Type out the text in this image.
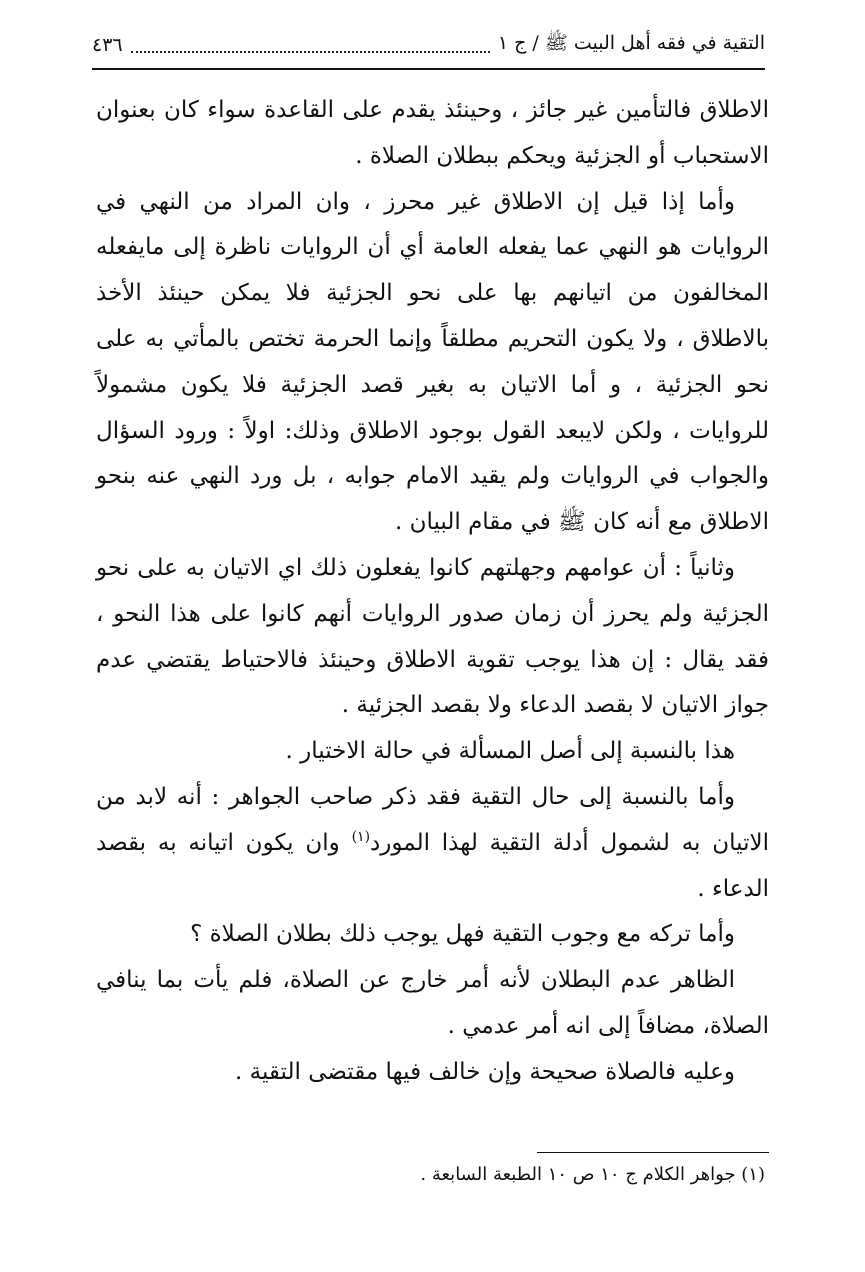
التقية في فقه أهل البيت ﷺ / ج ١
٤٣٦

الاطلاق فالتأمين غير جائز ، وحينئذ يقدم على القاعدة سواء كان بعنوان الاستحباب أو الجزئية ويحكم ببطلان الصلاة .

وأما إذا قيل إن الاطلاق غير محرز ، وان المراد من النهي في الروايات هو النهي عما يفعله العامة أي أن الروايات ناظرة إلى مايفعله المخالفون من اتيانهم بها على نحو الجزئية فلا يمكن حينئذ الأخذ بالاطلاق ، ولا يكون التحريم مطلقاً وإنما الحرمة تختص بالمأتي به على نحو الجزئية ، و أما الاتيان به بغير قصد الجزئية فلا يكون مشمولاً للروايات ، ولكن لايبعد القول بوجود الاطلاق وذلك: اولاً : ورود السؤال والجواب في الروايات ولم يقيد الامام جوابه ، بل ورد النهي عنه بنحو الاطلاق مع أنه كان ﷺ في مقام البيان .

وثانياً : أن عوامهم وجهلتهم كانوا يفعلون ذلك اي الاتيان به على نحو الجزئية ولم يحرز أن زمان صدور الروايات أنهم كانوا على هذا النحو ، فقد يقال : إن هذا يوجب تقوية الاطلاق وحينئذ فالاحتياط يقتضي عدم جواز الاتيان لا بقصد الدعاء ولا بقصد الجزئية .

هذا بالنسبة إلى أصل المسألة في حالة الاختيار .

وأما بالنسبة إلى حال التقية فقد ذكر صاحب الجواهر : أنه لابد من الاتيان به لشمول أدلة التقية لهذا المورد$^{(١)}$ وان يكون اتيانه به بقصد الدعاء .

وأما تركه مع وجوب التقية فهل يوجب ذلك بطلان الصلاة ؟

الظاهر عدم البطلان لأنه أمر خارج عن الصلاة، فلم يأت بما ينافي الصلاة، مضافاً إلى انه أمر عدمي .

وعليه فالصلاة صحيحة وإن خالف فيها مقتضى التقية .

(١) جواهر الكلام ج ١٠ ص ١٠ الطبعة السابعة .
